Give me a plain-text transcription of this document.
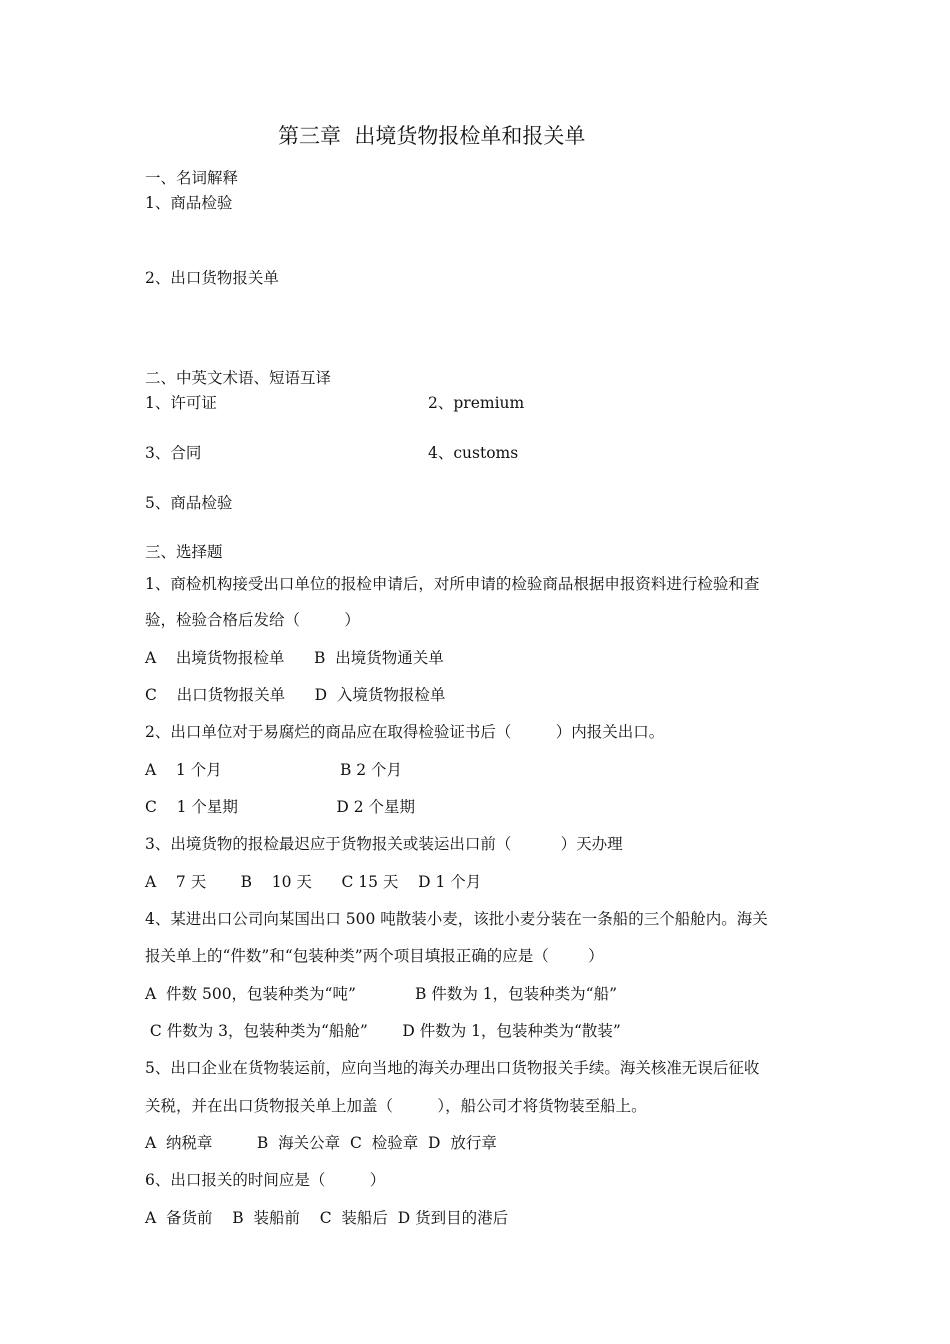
第三章  出境货物报检单和报关单
一、名词解释
1、商品检验
2、出口货物报关单
二、中英文术语、短语互译
1、许可证	2、premium
3、合同	4、customs
5、商品检验
三、选择题
1、商检机构接受出口单位的报检申请后，对所申请的检验商品根据申报资料进行检验和查
验，检验合格后发给（         ）
A    出境货物报检单      B  出境货物通关单
C    出口货物报关单      D  入境货物报检单
2、出口单位对于易腐烂的商品应在取得检验证书后（         ）内报关出口。
A    1 个月                        B 2 个月
C    1 个星期                    D 2 个星期
3、出境货物的报检最迟应于货物报关或装运出口前（          ）天办理
A    7 天       B    10 天      C 15 天    D 1 个月
4、某进出口公司向某国出口 500 吨散装小麦，该批小麦分装在一条船的三个船舱内。海关
报关单上的“件数”和“包装种类”两个项目填报正确的应是（        ）
A  件数 500，包装种类为“吨”            B 件数为 1，包装种类为“船”
C 件数为 3，包装种类为“船舱”       D 件数为 1，包装种类为“散装”
5、出口企业在货物装运前，应向当地的海关办理出口货物报关手续。海关核准无误后征收
关税，并在出口货物报关单上加盖（         ），船公司才将货物装至船上。
A  纳税章         B  海关公章  C  检验章  D  放行章
6、出口报关的时间应是（         ）
A  备货前    B  装船前    C  装船后  D 货到目的港后
